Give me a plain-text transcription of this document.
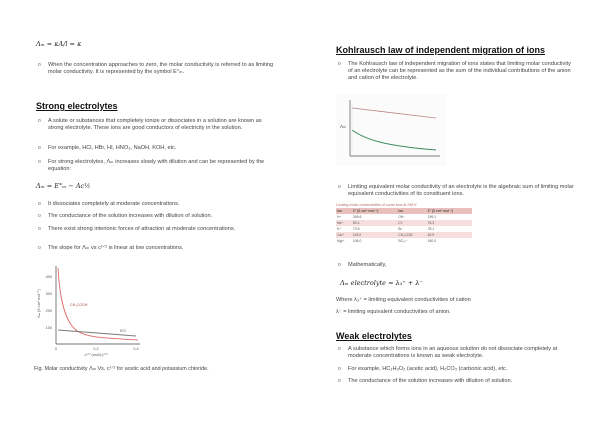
Λₘ = κA/l = κ
o When the concentration approaches to zero, the molar conductivity is referred to as limiting molar conductivity. It is represented by the symbol E°ₘ.
Strong electrolytes
o A solute or substances that completely ionize or dissociates in a solution are known as strong electrolyte. These ions are good conductors of electricity in the solution.
o For example, HCl, HBr, HI, HNO₃, NaOH, KOH, etc.
o For strong electrolytes, Λₘ increases slowly with dilution and can be represented by the equation:
Λₘ = E°ₘ − Ac½
o It dissociates completely at moderate concentrations.
o The conductance of the solution increases with dilution of solution.
o There exist strong interionic forces of attraction at moderate concentrations.
o The slope for Λₘ vs c¹ᐟ² is linear at low concentrations.
400
300
200
100
0	0.2	0.4
Λₘ (S cm² mol⁻¹)
c¹ᐟ² (mol/L)¹ᐟ²
CH₃COOH
KCl
Fig. Molar conductivity Λₘ Vs. c¹ᐟ² for acetic acid and potassium chloride.
Kohlrausch law of independent migration of ions
o The Kohlrausch law of independent migration of ions states that limiting molar conductivity of an electrolyte can be represented as the sum of the individual contributions of the anion and cation of the electrolyte.
Λₘ
o Limiting equivalent molar conductivity of an electrolyte is the algebraic sum of limiting molar equivalent conductivities of its constituent ions.
Limiting molar conductivities of some ions at 298 K
Ion	λ° (S cm² mol⁻¹)	Ion	λ° (S cm² mol⁻¹)
H⁺	349.6	OH⁻	199.1
Na⁺	50.1	Cl⁻	76.3
K⁺	73.5	Br⁻	78.1
Ca²⁺	119.0	CH₃COO⁻	40.9
Mg²⁺	106.0	SO₄²⁻	160.0
o Mathematically,
Λₘ electrolyte = λ₃⁺ + λ⁻
Where λ₃⁺ = limiting equivalent conductivities of cation
λ⁻ = limiting equivalent conductivities of anion.
Weak electrolytes
o A substance which forms ions in an aqueous solution do not dissociate completely at moderate concentrations is known as weak electrolyte.
o For example, HC₂H₃O₂ (acetic acid), H₂CO₃ (carbonic acid), etc.
o The conductance of the solution increases with dilution of solution.
